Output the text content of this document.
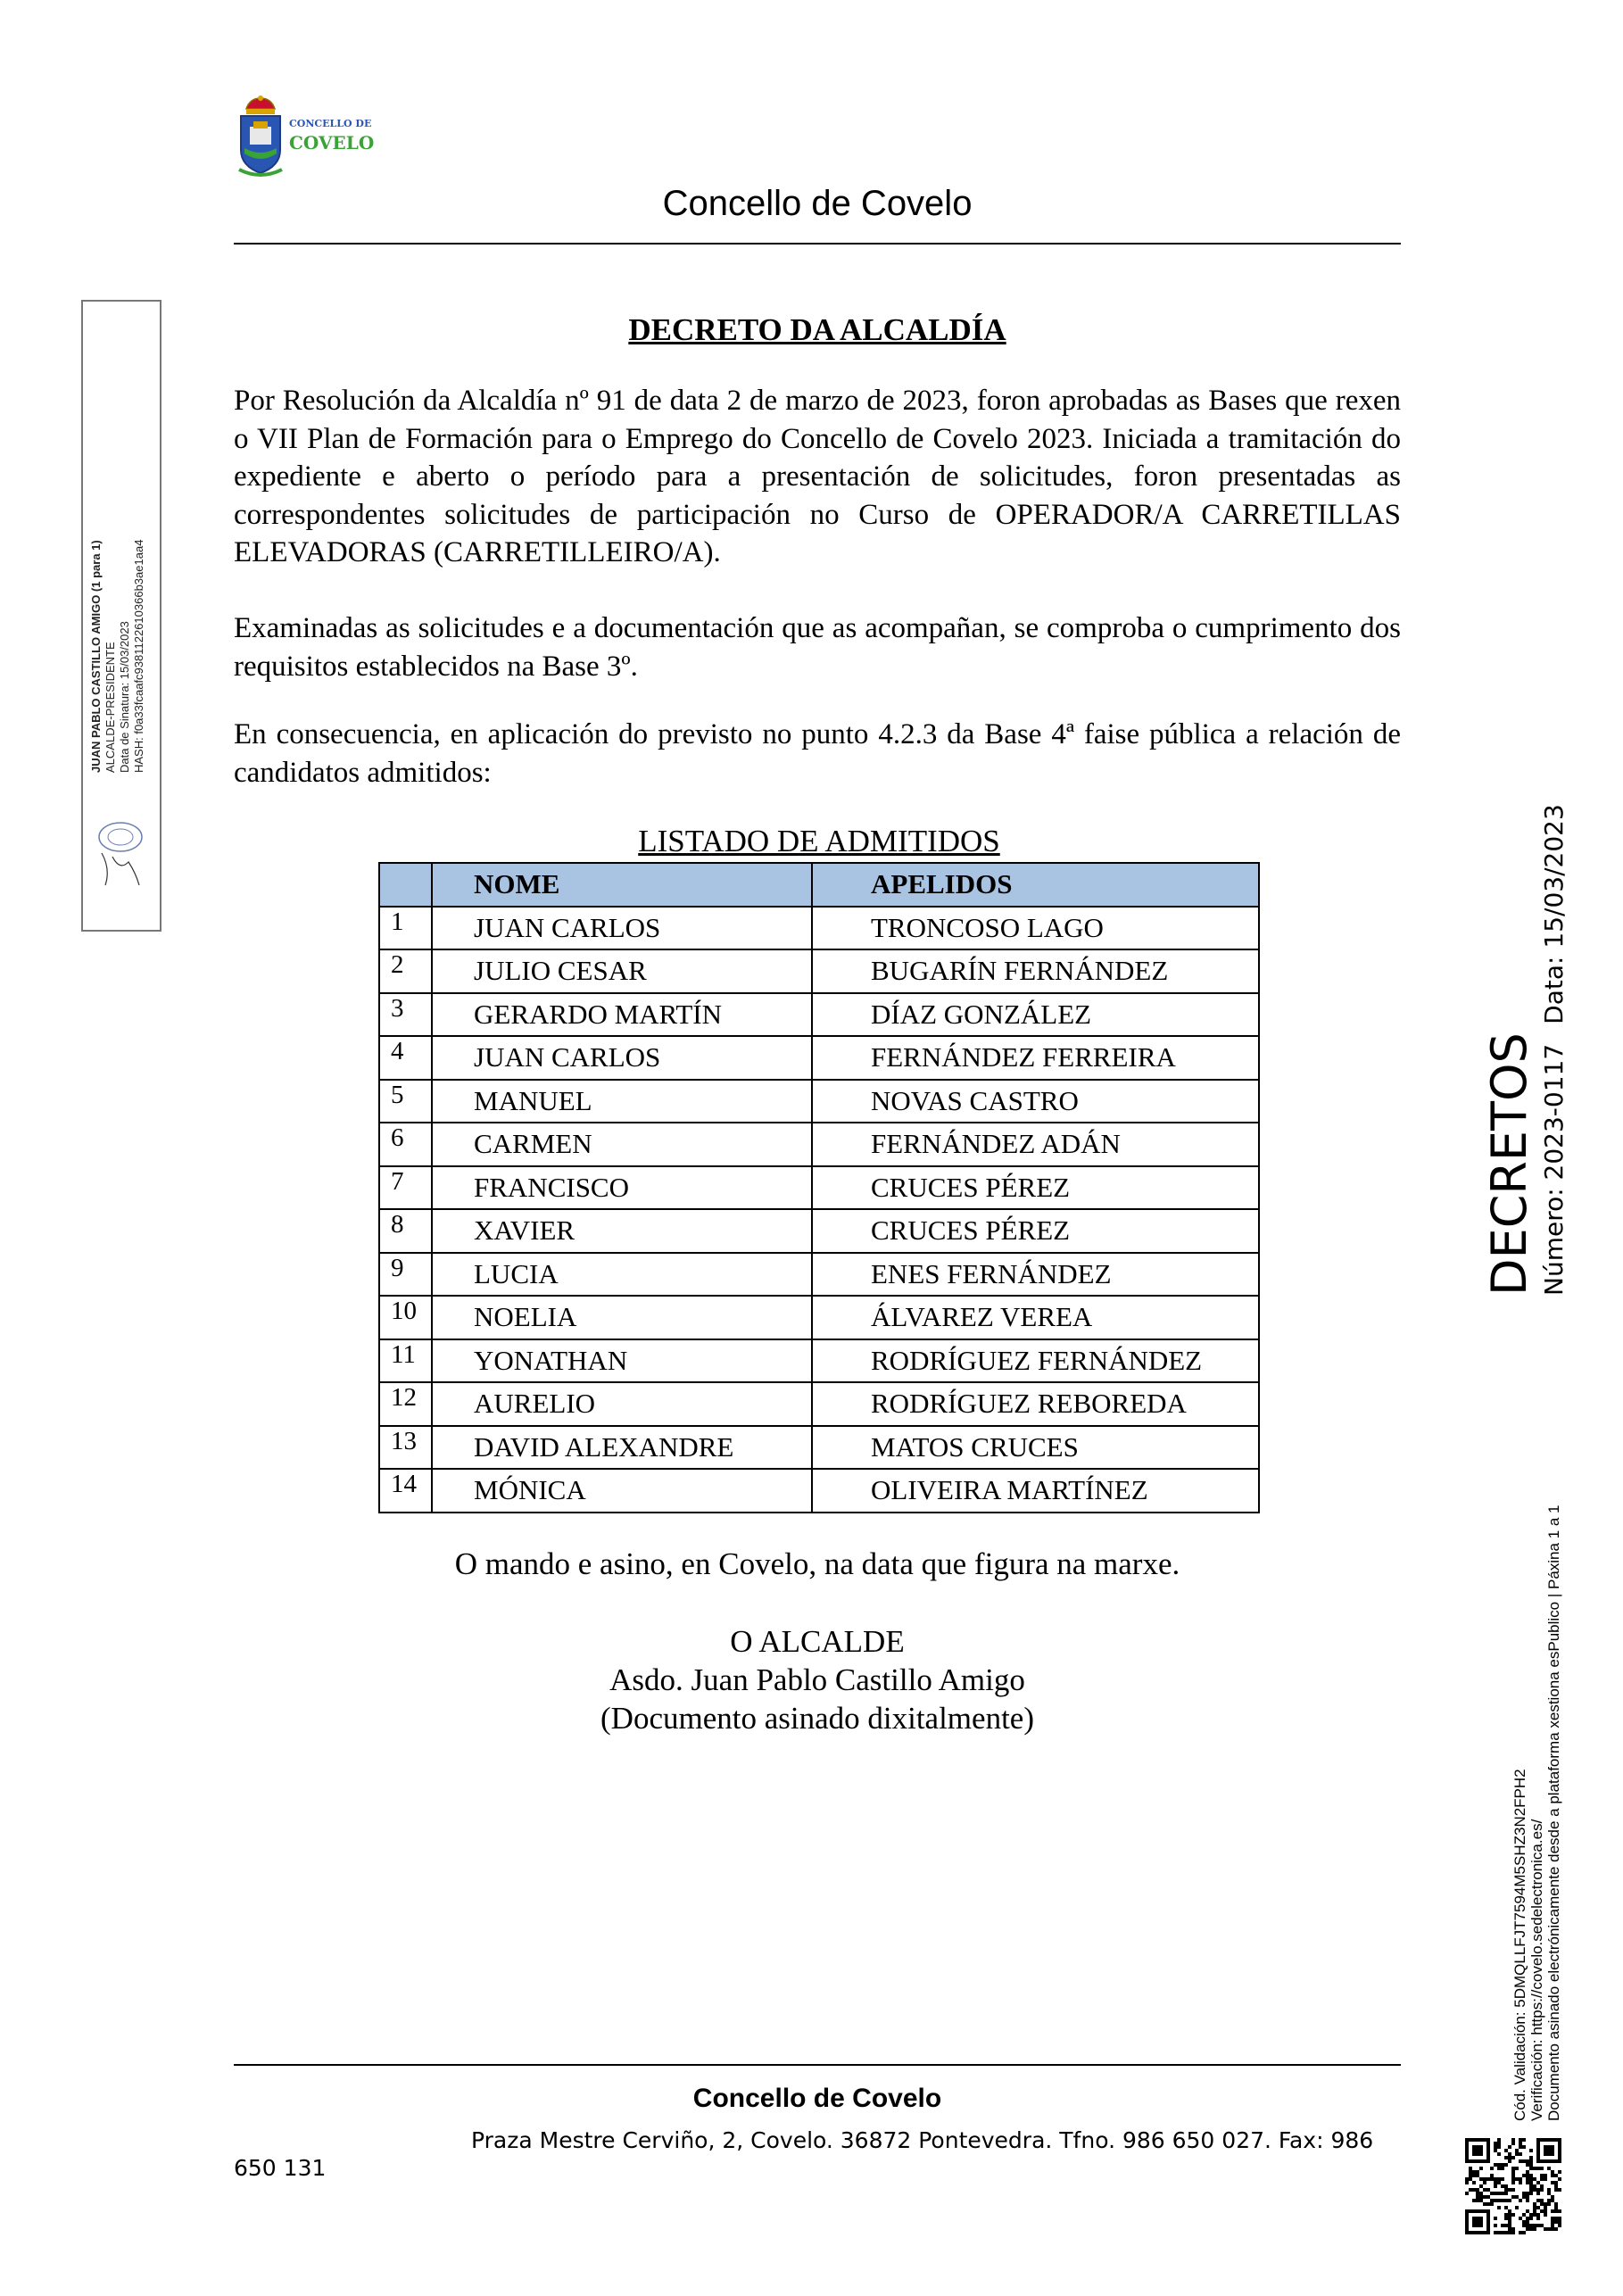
CONCELLO DE
COVELO
Concello de Covelo
JUAN PABLO CASTILLO AMIGO (1 para 1) ALCALDE-PRESIDENTE Data de Sinatura: 15/03/2023 HASH: f0a33fcaafc9381122610366b3ae1aa4
DECRETO DA ALCALDÍA
Por Resolución da Alcaldía nº 91 de data 2 de marzo de 2023, foron aprobadas as Bases que rexen o VII Plan de Formación para o Emprego do Concello de Covelo 2023. Iniciada a tramitación do expediente e aberto o período para a presentación de solicitudes, foron presentadas as correspondentes solicitudes de participación no Curso de OPERADOR/A CARRETILLAS ELEVADORAS (CARRETILLEIRO/A).
Examinadas as solicitudes e a documentación que as acompañan, se comproba o cumprimento dos requisitos establecidos na Base 3º.
En consecuencia, en aplicación do previsto no punto 4.2.3 da Base 4ª faise pública a relación de candidatos admitidos:
LISTADO DE ADMITIDOS
	NOME	APELIDOS
1	JUAN CARLOS	TRONCOSO LAGO
2	JULIO CESAR	BUGARÍN FERNÁNDEZ
3	GERARDO MARTÍN	DÍAZ GONZÁLEZ
4	JUAN CARLOS	FERNÁNDEZ FERREIRA
5	MANUEL	NOVAS CASTRO
6	CARMEN	FERNÁNDEZ ADÁN
7	FRANCISCO	CRUCES PÉREZ
8	XAVIER	CRUCES PÉREZ
9	LUCIA	ENES FERNÁNDEZ
10	NOELIA	ÁLVAREZ VEREA
11	YONATHAN	RODRÍGUEZ FERNÁNDEZ
12	AURELIO	RODRÍGUEZ REBOREDA
13	DAVID ALEXANDRE	MATOS CRUCES
14	MÓNICA	OLIVEIRA MARTÍNEZ
O mando e asino, en Covelo, na data que figura na marxe.
O ALCALDE
Asdo. Juan Pablo Castillo Amigo
(Documento asinado dixitalmente)
DECRETOS Número: 2023-0117
Data: 15/03/2023
Cód. Validación: 5DMQLLFJT7594M5SHZ3N2FPH2 Verificación: https://covelo.sedelectronica.es/ Documento asinado electrónicamente desde a plataforma xestiona esPublico | Páxina 1 a 1
Concello de Covelo
Praza Mestre Cerviño, 2, Covelo. 36872 Pontevedra. Tfno. 986 650 027. Fax: 986
650 131
